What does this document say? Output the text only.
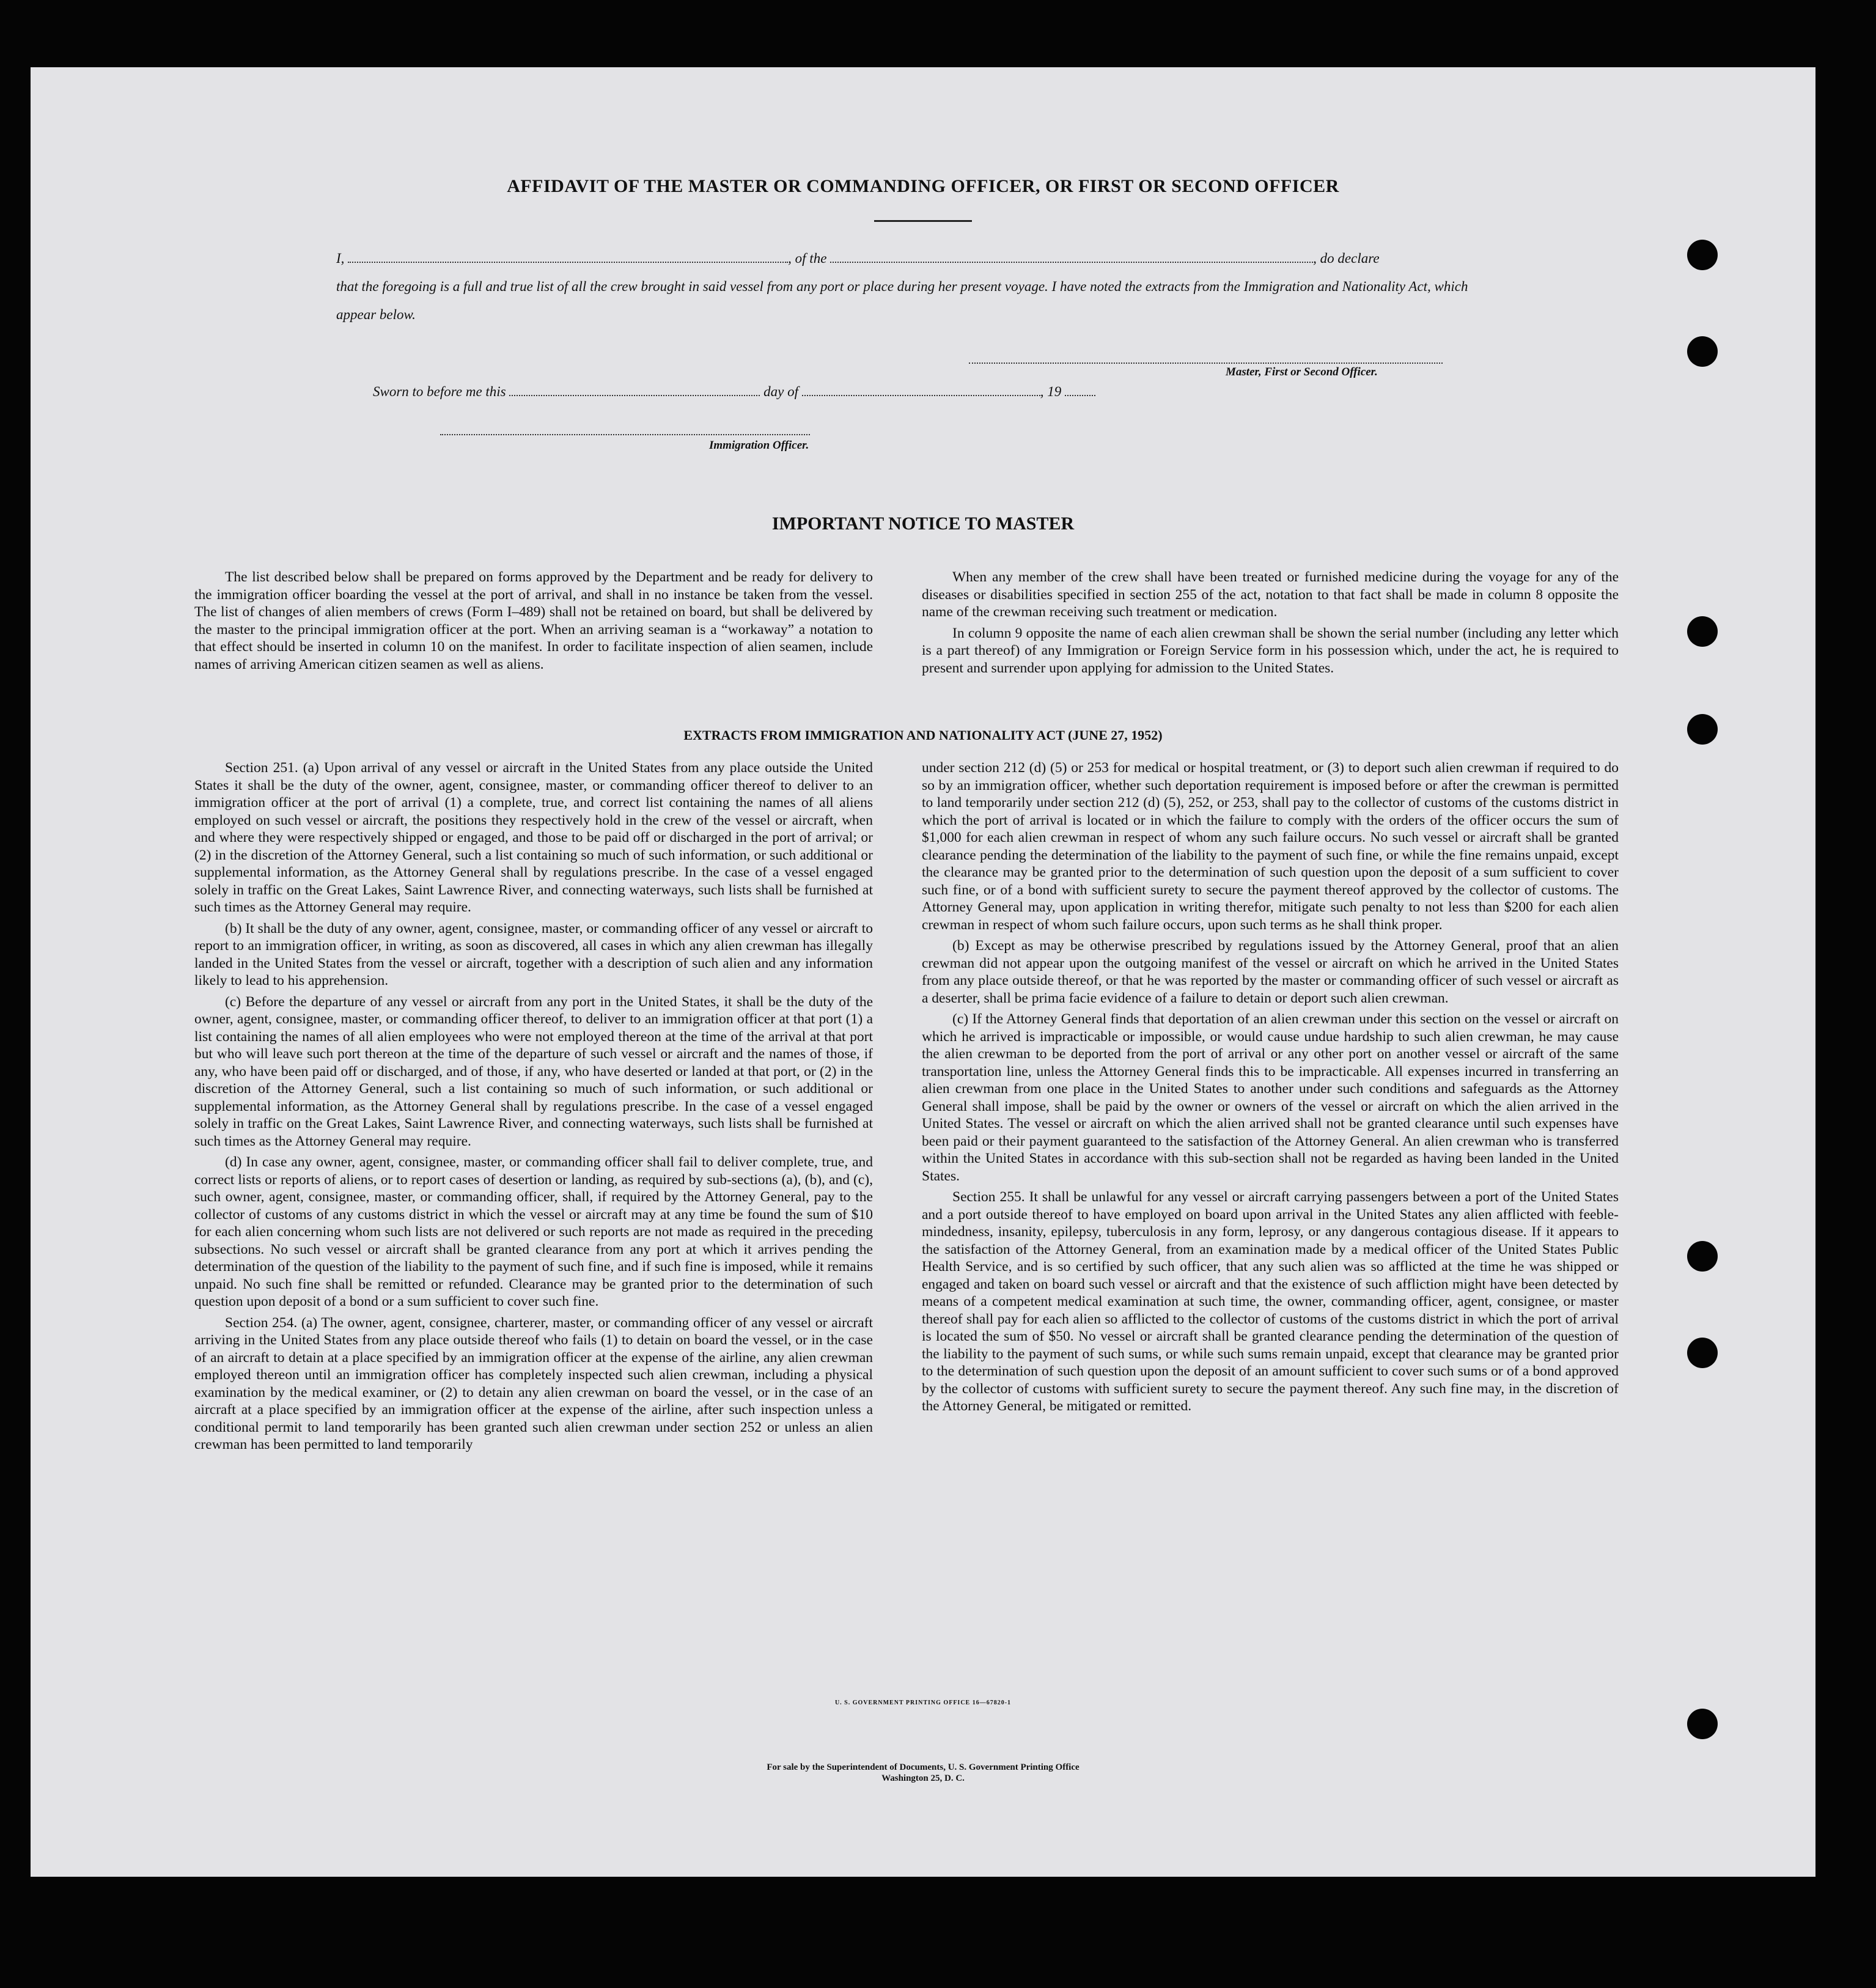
AFFIDAVIT OF THE MASTER OR COMMANDING OFFICER, OR FIRST OR SECOND OFFICER
I,	, of the	, do declare
that the foregoing is a full and true list of all the crew brought in said vessel from any port or place during her present voyage. I have noted the extracts from the Immigration and Nationality Act, which appear below.
Master, First or Second Officer.
Sworn to before me this	day of	, 19
Immigration Officer.
IMPORTANT NOTICE TO MASTER

The list described below shall be prepared on forms approved by the Department and be ready for delivery to the immigration officer boarding the vessel at the port of arrival, and shall in no instance be taken from the vessel. The list of changes of alien members of crews (Form I–489) shall not be retained on board, but shall be delivered by the master to the principal immigration officer at the port. When an arriving seaman is a “workaway” a notation to that effect should be inserted in column 10 on the manifest. In order to facilitate inspection of alien seamen, include names of arriving American citizen seamen as well as aliens.

When any member of the crew shall have been treated or furnished medicine during the voyage for any of the diseases or disabilities specified in section 255 of the act, notation to that fact shall be made in column 8 opposite the name of the crewman receiving such treatment or medication.

In column 9 opposite the name of each alien crewman shall be shown the serial number (including any letter which is a part thereof) of any Immigration or Foreign Service form in his possession which, under the act, he is required to present and surrender upon applying for admission to the United States.

EXTRACTS FROM IMMIGRATION AND NATIONALITY ACT (JUNE 27, 1952)

Section 251. (a) Upon arrival of any vessel or aircraft in the United States from any place outside the United States it shall be the duty of the owner, agent, consignee, master, or commanding officer thereof to deliver to an immigration officer at the port of arrival (1) a complete, true, and correct list containing the names of all aliens employed on such vessel or aircraft, the positions they respectively hold in the crew of the vessel or aircraft, when and where they were respectively shipped or engaged, and those to be paid off or discharged in the port of arrival; or (2) in the discretion of the Attorney General, such a list containing so much of such information, or such additional or supplemental information, as the Attorney General shall by regulations prescribe. In the case of a vessel engaged solely in traffic on the Great Lakes, Saint Lawrence River, and connecting waterways, such lists shall be furnished at such times as the Attorney General may require.

(b) It shall be the duty of any owner, agent, consignee, master, or commanding officer of any vessel or aircraft to report to an immigration officer, in writing, as soon as discovered, all cases in which any alien crewman has illegally landed in the United States from the vessel or aircraft, together with a description of such alien and any information likely to lead to his apprehension.

(c) Before the departure of any vessel or aircraft from any port in the United States, it shall be the duty of the owner, agent, consignee, master, or commanding officer thereof, to deliver to an immigration officer at that port (1) a list containing the names of all alien employees who were not employed thereon at the time of the arrival at that port but who will leave such port thereon at the time of the departure of such vessel or aircraft and the names of those, if any, who have been paid off or discharged, and of those, if any, who have deserted or landed at that port, or (2) in the discretion of the Attorney General, such a list containing so much of such information, or such additional or supplemental information, as the Attorney General shall by regulations prescribe. In the case of a vessel engaged solely in traffic on the Great Lakes, Saint Lawrence River, and connecting waterways, such lists shall be furnished at such times as the Attorney General may require.

(d) In case any owner, agent, consignee, master, or commanding officer shall fail to deliver complete, true, and correct lists or reports of aliens, or to report cases of desertion or landing, as required by sub-sections (a), (b), and (c), such owner, agent, consignee, master, or commanding officer, shall, if required by the Attorney General, pay to the collector of customs of any customs district in which the vessel or aircraft may at any time be found the sum of $10 for each alien concerning whom such lists are not delivered or such reports are not made as required in the preceding subsections. No such vessel or aircraft shall be granted clearance from any port at which it arrives pending the determination of the question of the liability to the payment of such fine, and if such fine is imposed, while it remains unpaid. No such fine shall be remitted or refunded. Clearance may be granted prior to the determination of such question upon deposit of a bond or a sum sufficient to cover such fine.

Section 254. (a) The owner, agent, consignee, charterer, master, or commanding officer of any vessel or aircraft arriving in the United States from any place outside thereof who fails (1) to detain on board the vessel, or in the case of an aircraft to detain at a place specified by an immigration officer at the expense of the airline, any alien crewman employed thereon until an immigration officer has completely inspected such alien crewman, including a physical examination by the medical examiner, or (2) to detain any alien crewman on board the vessel, or in the case of an aircraft at a place specified by an immigration officer at the expense of the airline, after such inspection unless a conditional permit to land temporarily has been granted such alien crewman under section 252 or unless an alien crewman has been permitted to land temporarily

under section 212 (d) (5) or 253 for medical or hospital treatment, or (3) to deport such alien crewman if required to do so by an immigration officer, whether such deportation requirement is imposed before or after the crewman is permitted to land temporarily under section 212 (d) (5), 252, or 253, shall pay to the collector of customs of the customs district in which the port of arrival is located or in which the failure to comply with the orders of the officer occurs the sum of $1,000 for each alien crewman in respect of whom any such failure occurs. No such vessel or aircraft shall be granted clearance pending the determination of the liability to the payment of such fine, or while the fine remains unpaid, except the clearance may be granted prior to the determination of such question upon the deposit of a sum sufficient to cover such fine, or of a bond with sufficient surety to secure the payment thereof approved by the collector of customs. The Attorney General may, upon application in writing therefor, mitigate such penalty to not less than $200 for each alien crewman in respect of whom such failure occurs, upon such terms as he shall think proper.

(b) Except as may be otherwise prescribed by regulations issued by the Attorney General, proof that an alien crewman did not appear upon the outgoing manifest of the vessel or aircraft on which he arrived in the United States from any place outside thereof, or that he was reported by the master or commanding officer of such vessel or aircraft as a deserter, shall be prima facie evidence of a failure to detain or deport such alien crewman.

(c) If the Attorney General finds that deportation of an alien crewman under this section on the vessel or aircraft on which he arrived is impracticable or impossible, or would cause undue hardship to such alien crewman, he may cause the alien crewman to be deported from the port of arrival or any other port on another vessel or aircraft of the same transportation line, unless the Attorney General finds this to be impracticable. All expenses incurred in transferring an alien crewman from one place in the United States to another under such conditions and safeguards as the Attorney General shall impose, shall be paid by the owner or owners of the vessel or aircraft on which the alien arrived in the United States. The vessel or aircraft on which the alien arrived shall not be granted clearance until such expenses have been paid or their payment guaranteed to the satisfaction of the Attorney General. An alien crewman who is transferred within the United States in accordance with this sub-section shall not be regarded as having been landed in the United States.

Section 255. It shall be unlawful for any vessel or aircraft carrying passengers between a port of the United States and a port outside thereof to have employed on board upon arrival in the United States any alien afflicted with feeble-mindedness, insanity, epilepsy, tuberculosis in any form, leprosy, or any dangerous contagious disease. If it appears to the satisfaction of the Attorney General, from an examination made by a medical officer of the United States Public Health Service, and is so certified by such officer, that any such alien was so afflicted at the time he was shipped or engaged and taken on board such vessel or aircraft and that the existence of such affliction might have been detected by means of a competent medical examination at such time, the owner, commanding officer, agent, consignee, or master thereof shall pay for each alien so afflicted to the collector of customs of the customs district in which the port of arrival is located the sum of $50. No vessel or aircraft shall be granted clearance pending the determination of the question of the liability to the payment of such sums, or while such sums remain unpaid, except that clearance may be granted prior to the determination of such question upon the deposit of an amount sufficient to cover such sums or of a bond approved by the collector of customs with sufficient surety to secure the payment thereof. Any such fine may, in the discretion of the Attorney General, be mitigated or remitted.

U. S. GOVERNMENT PRINTING OFFICE 16—67820-1
For sale by the Superintendent of Documents, U. S. Government Printing Office
Washington 25, D. C.
